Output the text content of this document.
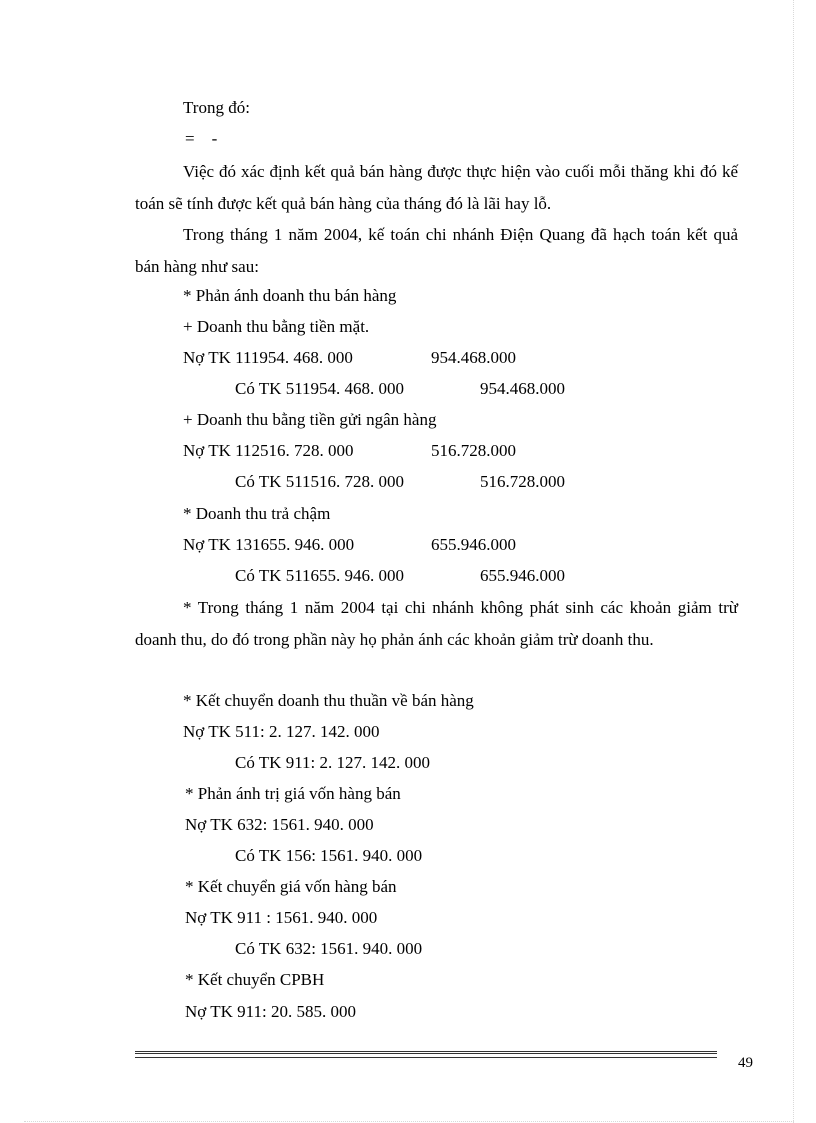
Trong đó:
=    -
Việc đó xác định kết quả bán hàng được thực hiện vào cuối mỗi thăng khi đó kế toán sẽ tính được kết quả bán hàng của tháng đó là lãi hay lỗ.
Trong tháng 1 năm 2004, kế toán chi nhánh Điện Quang đã hạch toán kết quả bán hàng như sau:
* Phản ánh doanh thu bán hàng
+ Doanh thu bằng tiền mặt.
Nợ TK 111954. 468. 000	954.468.000
Có TK 511954. 468. 000	954.468.000
+ Doanh thu bằng tiền gửi ngân hàng
Nợ TK 112516. 728. 000	516.728.000
Có TK 511516. 728. 000	516.728.000
* Doanh thu trả chậm
Nợ TK 131655. 946. 000	655.946.000
Có TK 511655. 946. 000	655.946.000
* Trong tháng 1 năm 2004 tại chi nhánh không phát sinh các khoản giảm trừ doanh thu, do đó trong phần này họ phản ánh các khoản giảm trừ doanh thu.
* Kết chuyển doanh thu thuần về bán hàng
Nợ TK 511: 2. 127. 142. 000
Có TK 911: 2. 127. 142. 000
* Phản ánh trị giá vốn hàng bán
Nợ TK 632: 1561. 940. 000
Có TK 156: 1561. 940. 000
* Kết chuyển giá vốn hàng bán
Nợ TK 911 : 1561. 940. 000
Có TK 632: 1561. 940. 000
* Kết chuyển CPBH
Nợ TK 911: 20. 585. 000
49
